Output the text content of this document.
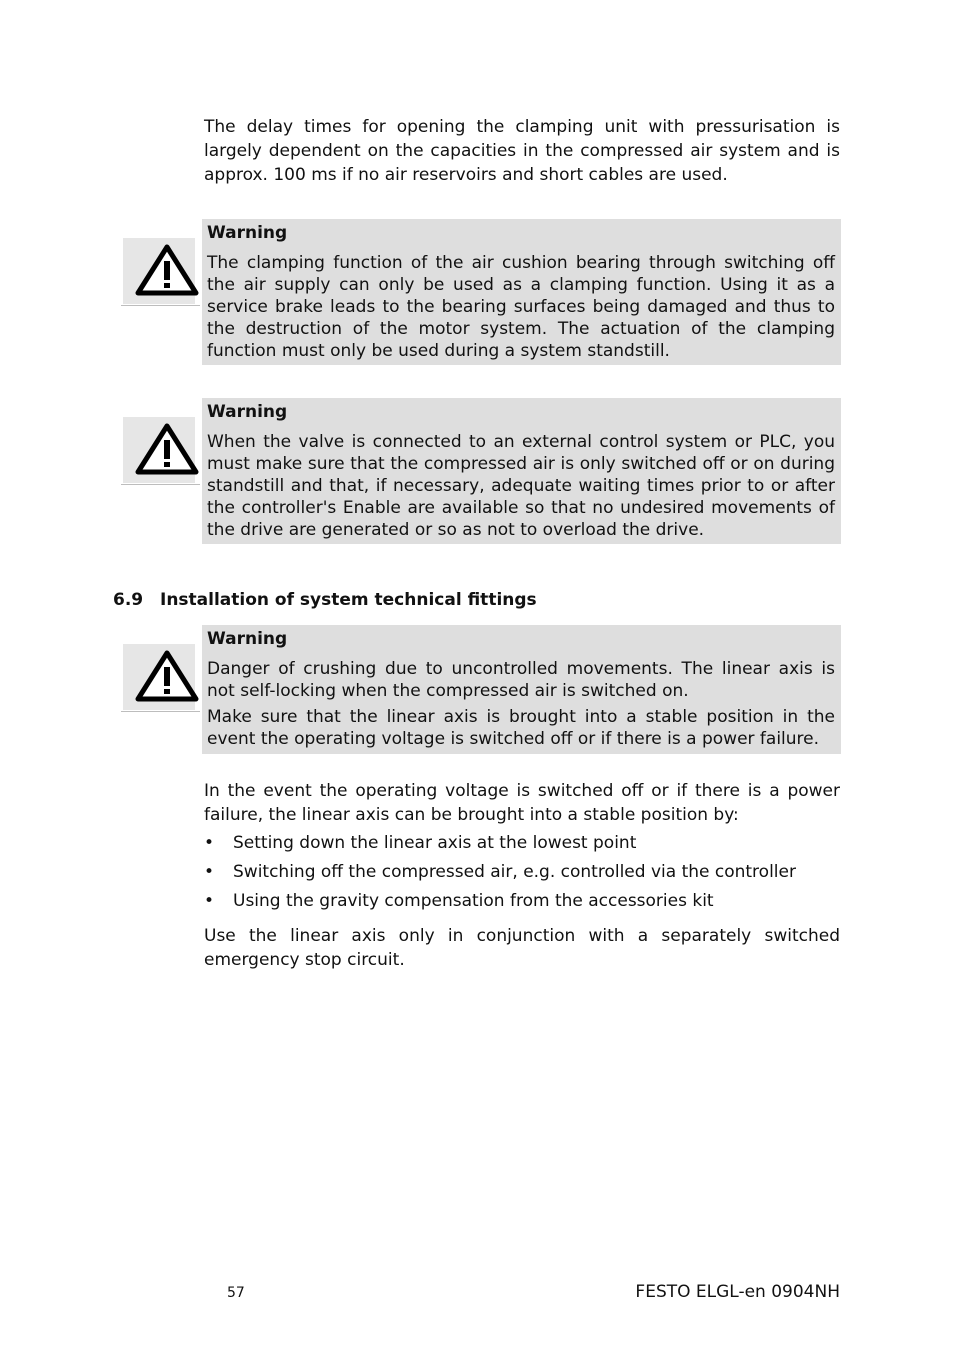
The delay times for opening the clamping unit with pressurisation is largely dependent on the capacities in the compressed air system and is approx. 100 ms if no air reservoirs and short cables are used.

Warning

The clamping function of the air cushion bearing through switching off the air supply can only be used as a clamping function. Using it as a service brake leads to the bearing surfaces being damaged and thus to the destruction of the motor system. The actuation of the clamping function must only be used during a system standstill.

Warning

When the valve is connected to an external control system or PLC, you must make sure that the compressed air is only switched off or on during standstill and that, if necessary, adequate waiting times prior to or after the controller's Enable are available so that no undesired movements of the drive are generated or so as not to overload the drive.

6.9 Installation of system technical fittings

Warning

Danger of crushing due to uncontrolled movements. The linear axis is not self-locking when the compressed air is switched on.

Make sure that the linear axis is brought into a stable position in the event the operating voltage is switched off or if there is a power failure.

In the event the operating voltage is switched off or if there is a power failure, the linear axis can be brought into a stable position by:

• Setting down the linear axis at the lowest point
• Switching off the compressed air, e.g. controlled via the controller
• Using the gravity compensation from the accessories kit

Use the linear axis only in conjunction with a separately switched emergency stop circuit.

57	FESTO ELGL-en 0904NH
